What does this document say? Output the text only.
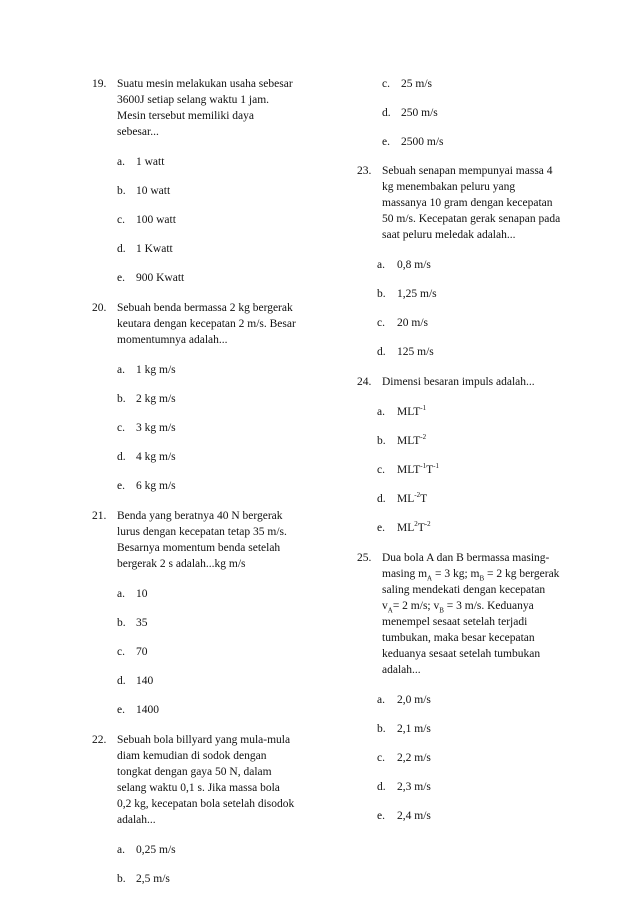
19. Suatu mesin melakukan usaha sebesar
3600J setiap selang waktu 1 jam.
Mesin tersebut memiliki daya
sebesar...
a. 1 watt
b. 10 watt
c. 100 watt
d. 1 Kwatt
e. 900 Kwatt
20. Sebuah benda bermassa 2 kg bergerak
keutara dengan kecepatan 2 m/s. Besar
momentumnya adalah...
a. 1 kg m/s
b. 2 kg m/s
c. 3 kg m/s
d. 4 kg m/s
e. 6 kg m/s
21. Benda yang beratnya 40 N bergerak
lurus dengan kecepatan tetap 35 m/s.
Besarnya momentum benda setelah
bergerak 2 s adalah...kg m/s
a. 10
b. 35
c. 70
d. 140
e. 1400
22. Sebuah bola billyard yang mula-mula
diam kemudian di sodok dengan
tongkat dengan gaya 50 N, dalam
selang waktu 0,1 s. Jika massa bola
0,2 kg, kecepatan bola setelah disodok
adalah...
a. 0,25 m/s
b. 2,5 m/s
c. 25 m/s
d. 250 m/s
e. 2500 m/s
23. Sebuah senapan mempunyai massa 4
kg menembakan peluru yang
massanya 10 gram dengan kecepatan
50 m/s. Kecepatan gerak senapan pada
saat peluru meledak adalah...
a. 0,8 m/s
b. 1,25 m/s
c. 20 m/s
d. 125 m/s
24. Dimensi besaran impuls adalah...
a. $MLT^{-1}$
b. $MLT^{-2}$
c. $MLT^{-1}T^{-1}$
d. $ML^{-2}T$
e. $ML^2T^{-2}$
25. Dua bola A dan B bermassa masing-
masing $m_A = 3$ kg; $m_B = 2$ kg bergerak
saling mendekati dengan kecepatan
$v_A= 2$ m/s; $v_B = 3$ m/s. Keduanya
menempel sesaat setelah terjadi
tumbukan, maka besar kecepatan
keduanya sesaat setelah tumbukan
adalah...
a. 2,0 m/s
b. 2,1 m/s
c. 2,2 m/s
d. 2,3 m/s
e. 2,4 m/s
